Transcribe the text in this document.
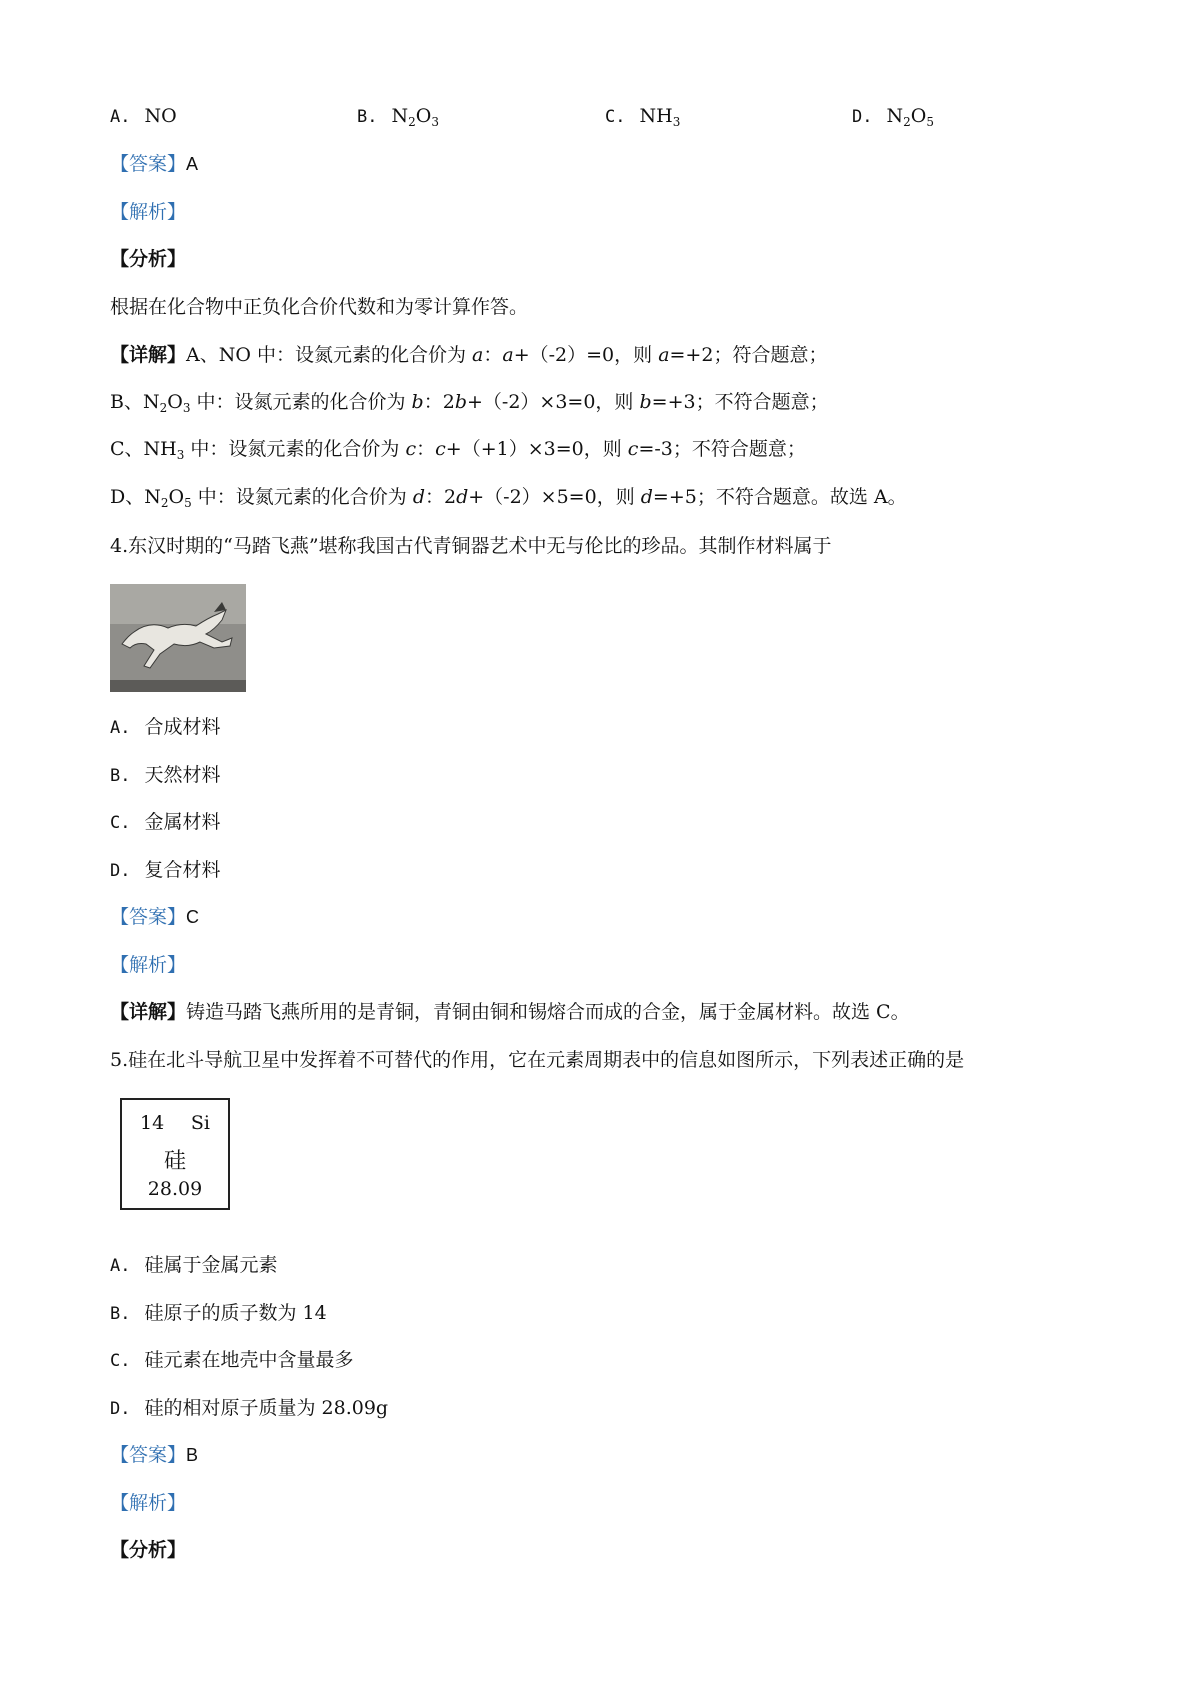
A. NO	B. $N_2O_3$	C. $NH_3$	D. $N_2O_5$
【答案】A
【解析】
【分析】
根据在化合物中正负化合价代数和为零计算作答。
【详解】A、NO 中：设氮元素的化合价为 a：a+（-2）=0，则 a=+2；符合题意；
B、$N_2O_3$ 中：设氮元素的化合价为 b：2b+（-2）×3=0，则 b=+3；不符合题意；
C、$NH_3$ 中：设氮元素的化合价为 c：c+（+1）×3=0，则 c=-3；不符合题意；
D、$N_2O_5$ 中：设氮元素的化合价为 d：2d+（-2）×5=0，则 d=+5；不符合题意。故选 A。
4.东汉时期的“马踏飞燕”堪称我国古代青铜器艺术中无与伦比的珍品。其制作材料属于
A. 合成材料
B. 天然材料
C. 金属材料
D. 复合材料
【答案】C
【解析】
【详解】铸造马踏飞燕所用的是青铜，青铜由铜和锡熔合而成的合金，属于金属材料。故选 C。
5.硅在北斗导航卫星中发挥着不可替代的作用，它在元素周期表中的信息如图所示，下列表述正确的是
14 Si
硅
28.09
A. 硅属于金属元素
B. 硅原子的质子数为 14
C. 硅元素在地壳中含量最多
D. 硅的相对原子质量为 28.09g
【答案】B
【解析】
【分析】
